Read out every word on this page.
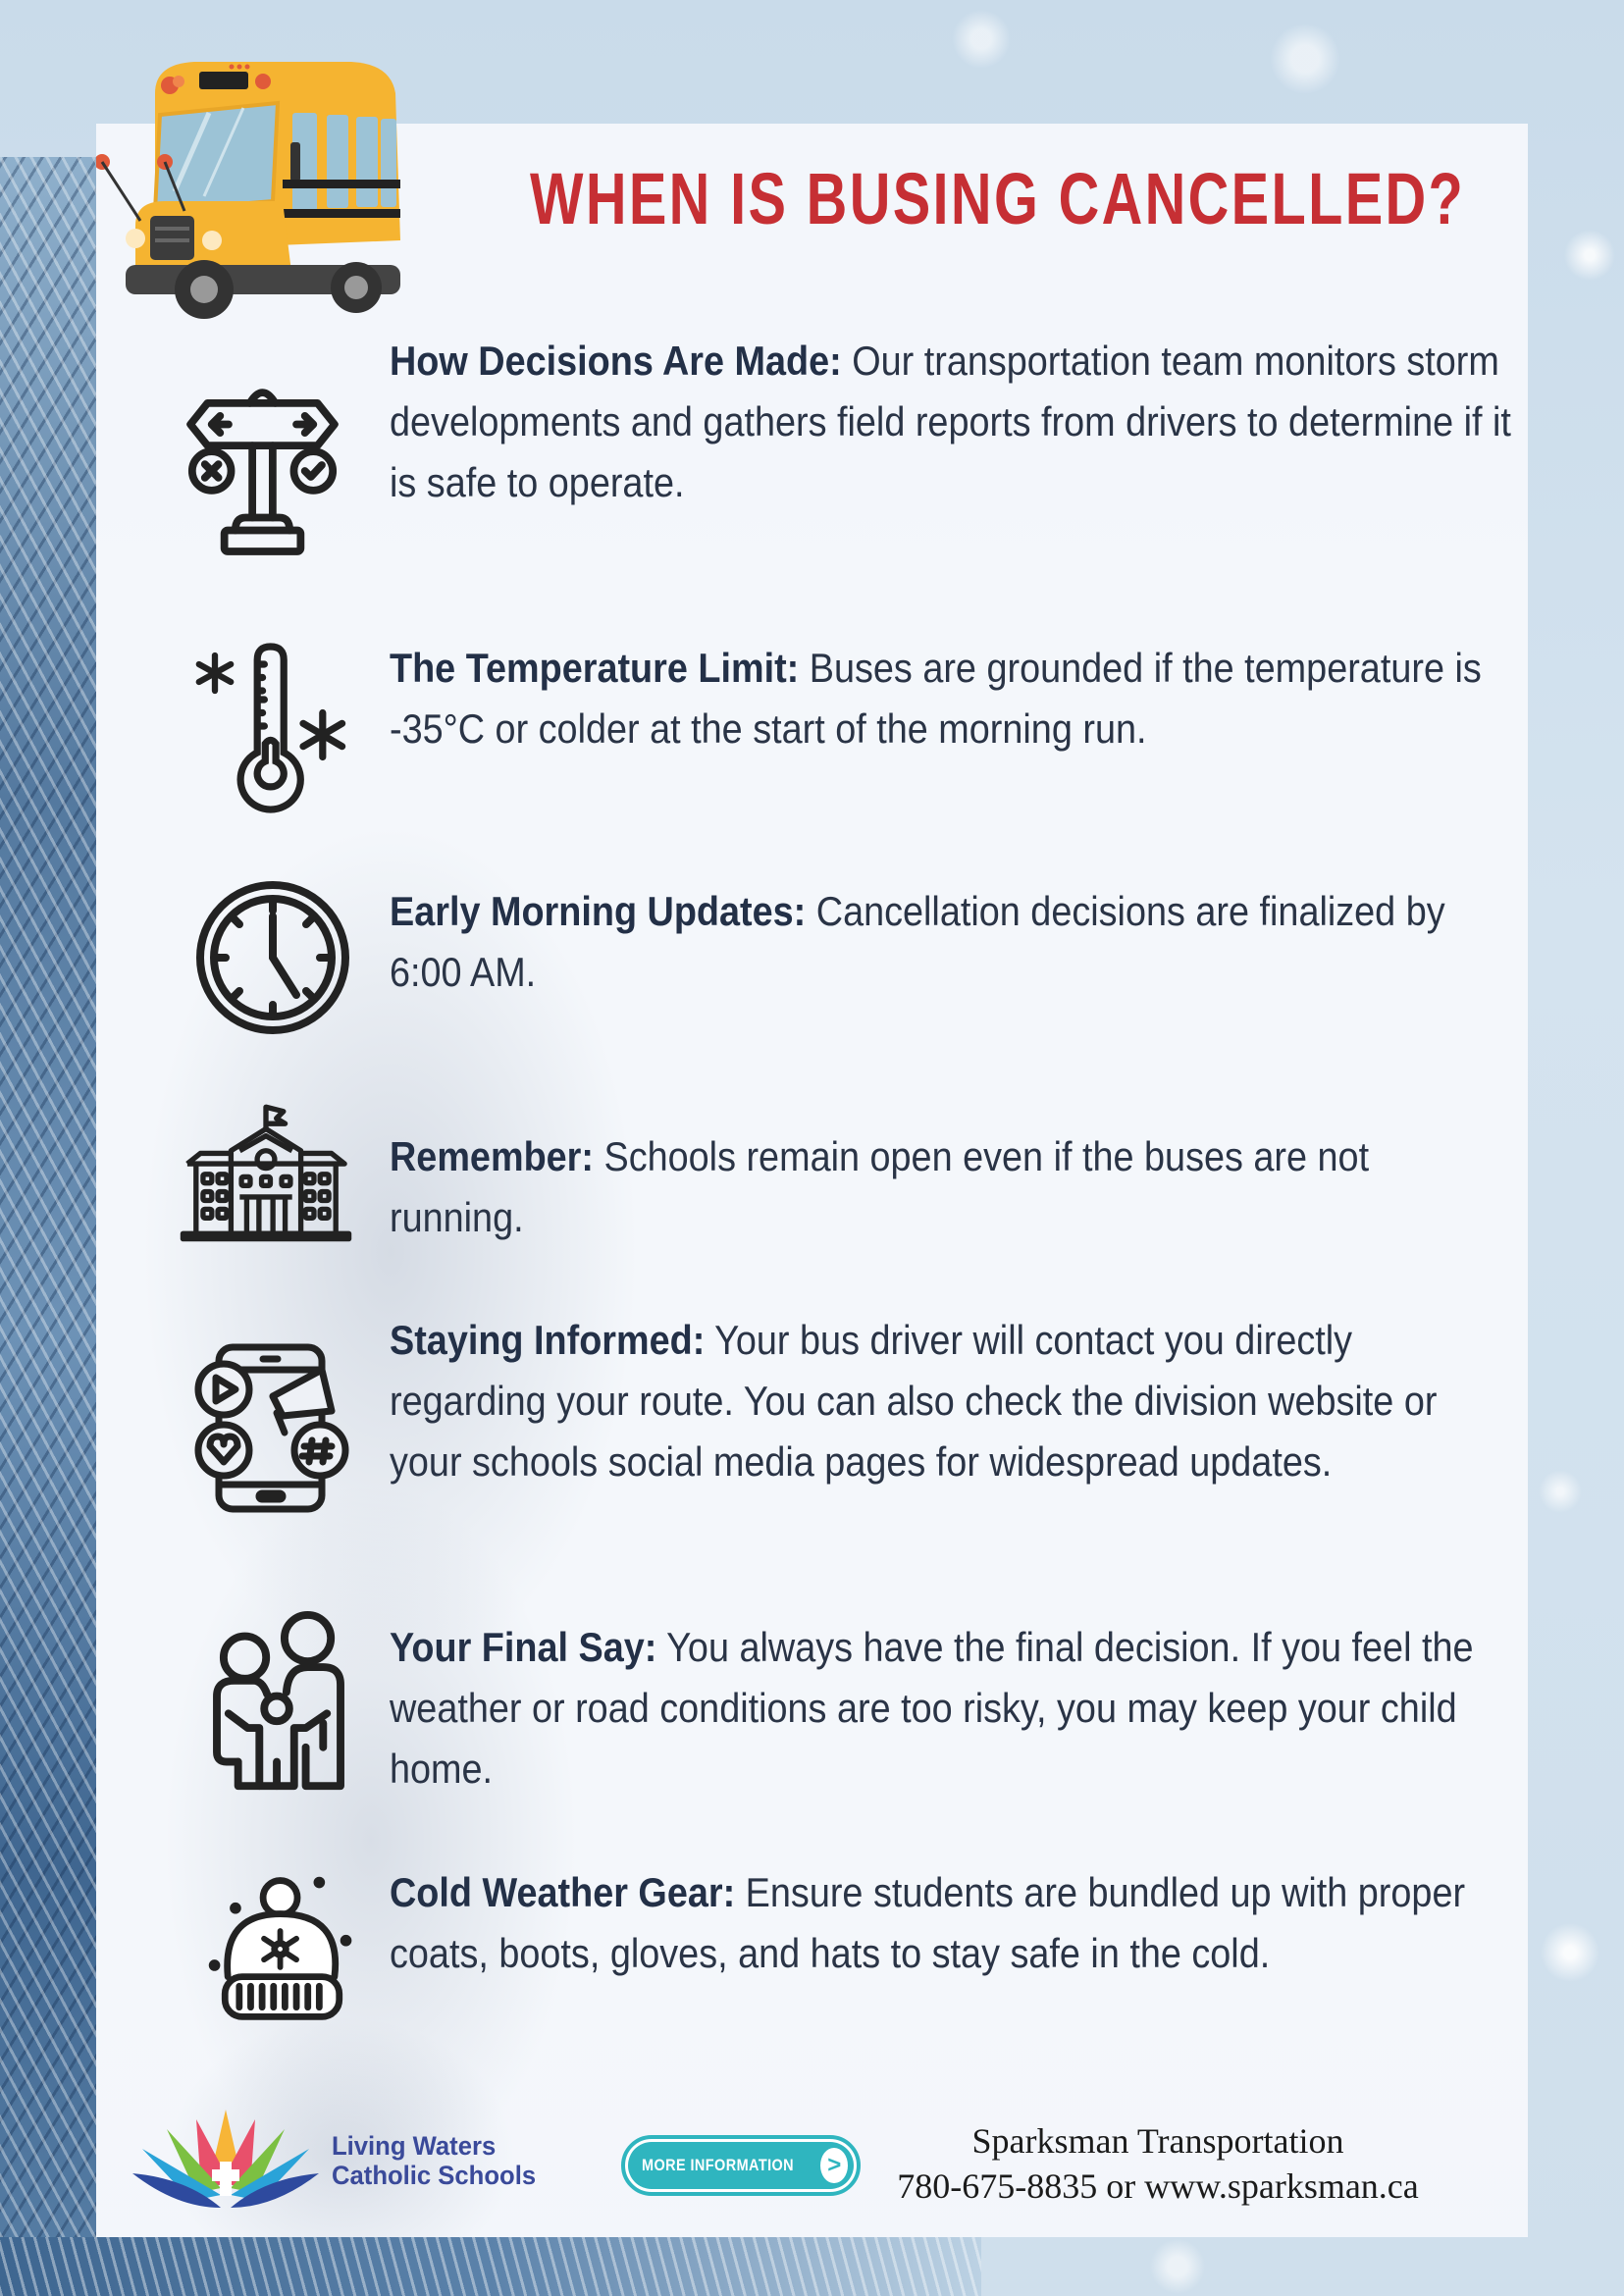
WHEN IS BUSING CANCELLED?
How Decisions Are Made: Our transportation team monitors storm developments and gathers field reports from drivers to determine if it is safe to operate.
The Temperature Limit: Buses are grounded if the temperature is -35°C or colder at the start of the morning run.
Early Morning Updates: Cancellation decisions are finalized by 6:00 AM.
Remember: Schools remain open even if the buses are not running.
Staying Informed: Your bus driver will contact you directly regarding your route. You can also check the division website or your schools social media pages for widespread updates.
Your Final Say: You always have the final decision. If you feel the weather or road conditions are too risky, you may keep your child home.
Cold Weather Gear: Ensure students are bundled up with proper coats, boots, gloves, and hats to stay safe in the cold.
Living Waters
Catholic Schools	MORE INFORMATION >
Sparksman Transportation
780-675-8835 or www.sparksman.ca
